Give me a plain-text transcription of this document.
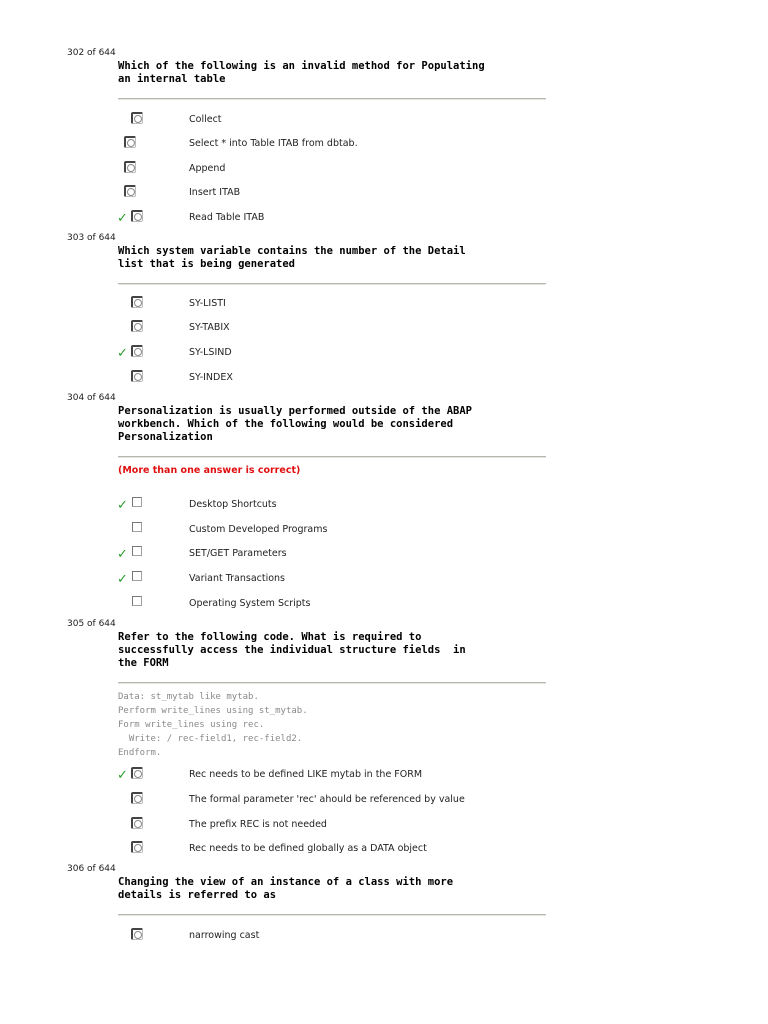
302 of 644
Which of the following is an invalid method for Populating
an internal table
Collect
Select * into Table ITAB from dbtab.
Append
Insert ITAB
✓	Read Table ITAB
303 of 644
Which system variable contains the number of the Detail
list that is being generated
SY-LISTI
SY-TABIX
✓	SY-LSIND
SY-INDEX
304 of 644
Personalization is usually performed outside of the ABAP
workbench. Which of the following would be considered
Personalization
(More than one answer is correct)
✓	Desktop Shortcuts
Custom Developed Programs
✓	SET/GET Parameters
✓	Variant Transactions
Operating System Scripts
305 of 644
Refer to the following code. What is required to
successfully access the individual structure fields  in
the FORM
Data: st_mytab like mytab.
Perform write_lines using st_mytab.
Form write_lines using rec.
Write: / rec-field1, rec-field2.
Endform.
✓	Rec needs to be defined LIKE mytab in the FORM
The formal parameter 'rec' ahould be referenced by value
The prefix REC is not needed
Rec needs to be defined globally as a DATA object
306 of 644
Changing the view of an instance of a class with more
details is referred to as
narrowing cast
